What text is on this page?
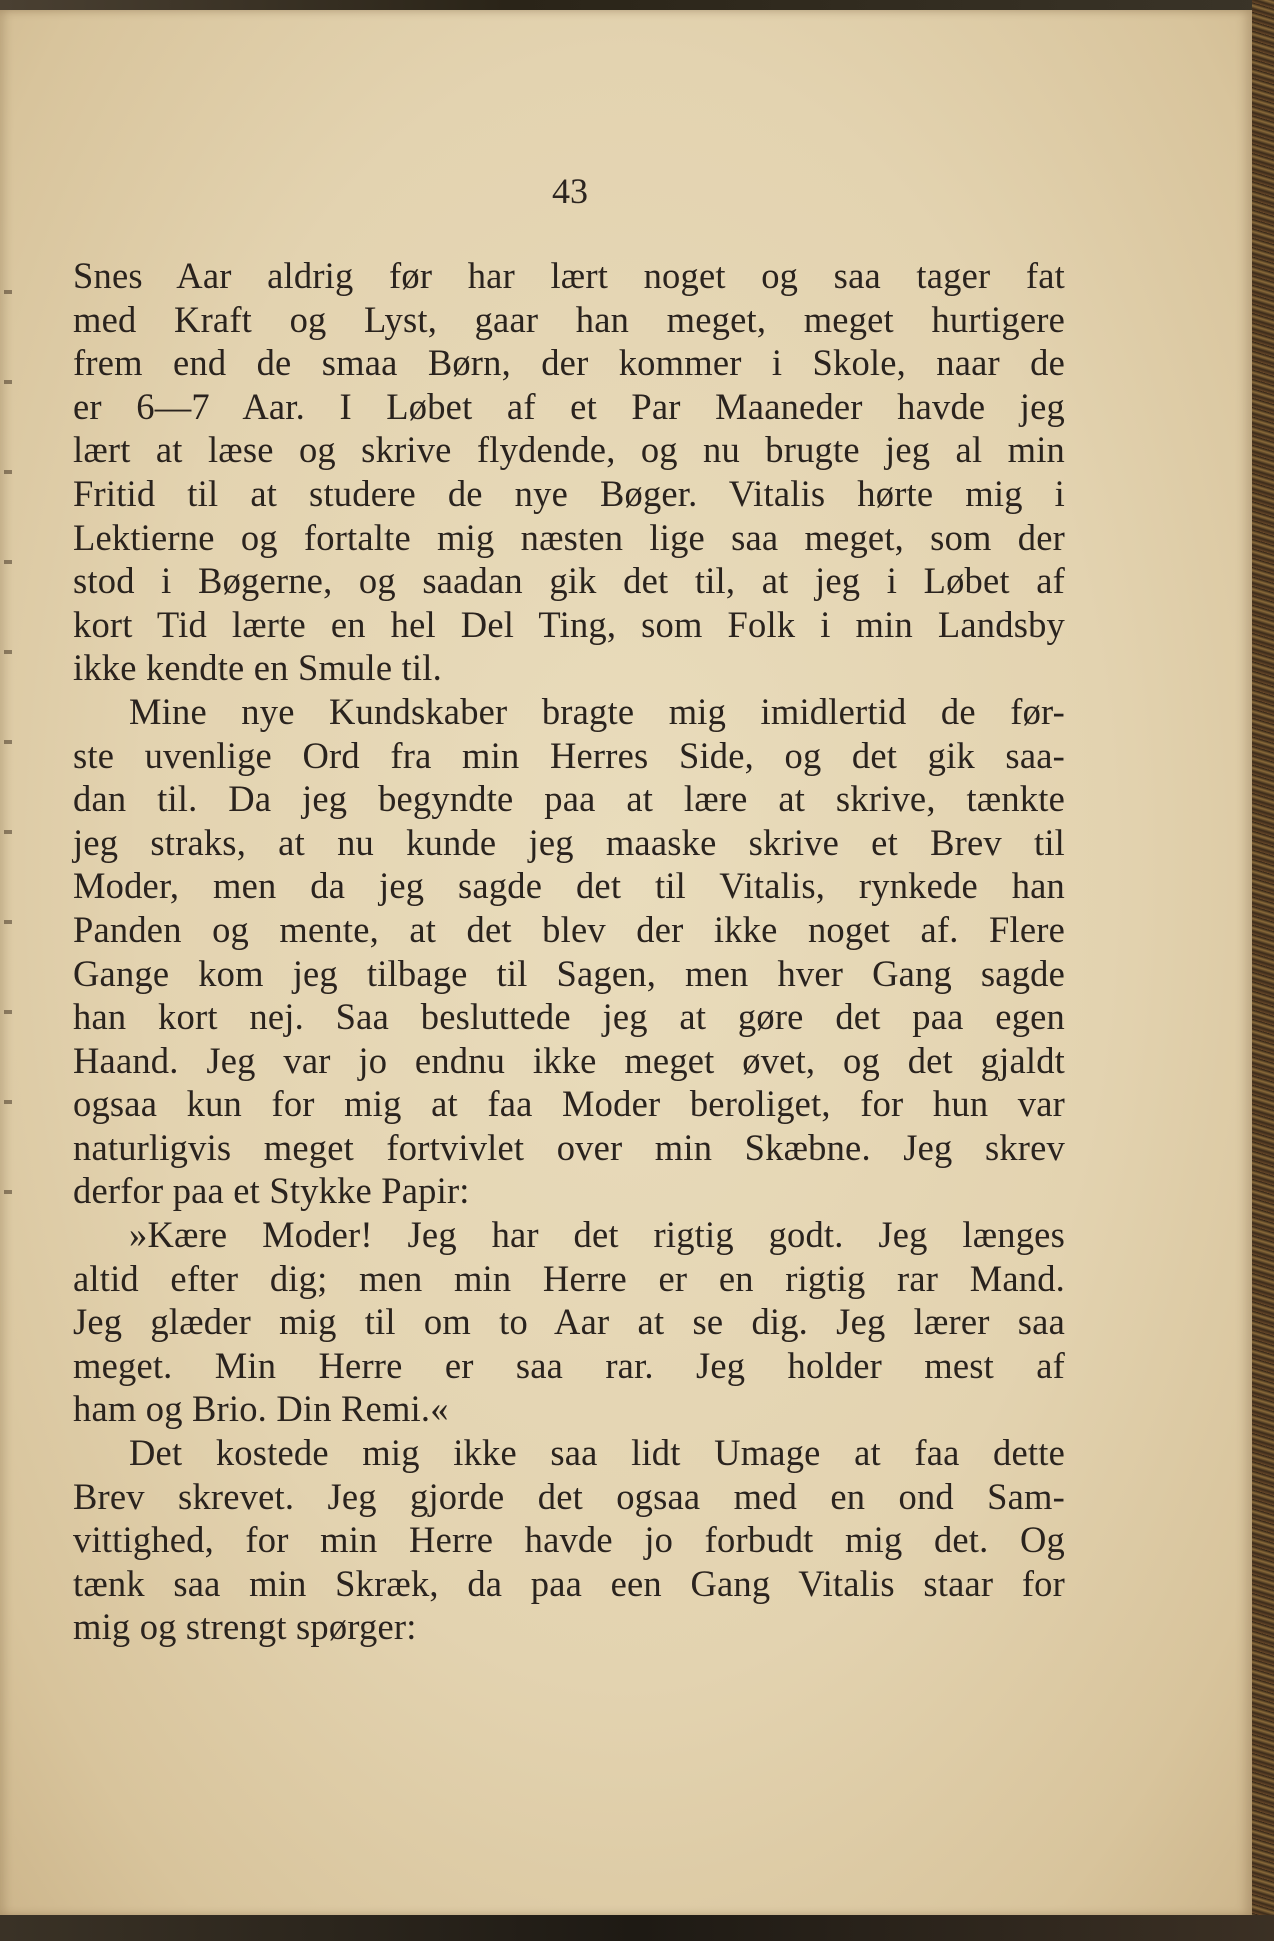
43
Snes Aar aldrig før har lært noget og saa tager fat
med Kraft og Lyst, gaar han meget, meget hurtigere
frem end de smaa Børn, der kommer i Skole, naar de
er 6—7 Aar. I Løbet af et Par Maaneder havde jeg
lært at læse og skrive flydende, og nu brugte jeg al min
Fritid til at studere de nye Bøger. Vitalis hørte mig i
Lektierne og fortalte mig næsten lige saa meget, som der
stod i Bøgerne, og saadan gik det til, at jeg i Løbet af
kort Tid lærte en hel Del Ting, som Folk i min Landsby
ikke kendte en Smule til.
Mine nye Kundskaber bragte mig imidlertid de før-
ste uvenlige Ord fra min Herres Side, og det gik saa-
dan til. Da jeg begyndte paa at lære at skrive, tænkte
jeg straks, at nu kunde jeg maaske skrive et Brev til
Moder, men da jeg sagde det til Vitalis, rynkede han
Panden og mente, at det blev der ikke noget af. Flere
Gange kom jeg tilbage til Sagen, men hver Gang sagde
han kort nej. Saa besluttede jeg at gøre det paa egen
Haand. Jeg var jo endnu ikke meget øvet, og det gjaldt
ogsaa kun for mig at faa Moder beroliget, for hun var
naturligvis meget fortvivlet over min Skæbne. Jeg skrev
derfor paa et Stykke Papir:
»Kære Moder! Jeg har det rigtig godt. Jeg længes
altid efter dig; men min Herre er en rigtig rar Mand.
Jeg glæder mig til om to Aar at se dig. Jeg lærer saa
meget. Min Herre er saa rar. Jeg holder mest af
ham og Brio. Din Remi.«
Det kostede mig ikke saa lidt Umage at faa dette
Brev skrevet. Jeg gjorde det ogsaa med en ond Sam-
vittighed, for min Herre havde jo forbudt mig det. Og
tænk saa min Skræk, da paa een Gang Vitalis staar for
mig og strengt spørger:
